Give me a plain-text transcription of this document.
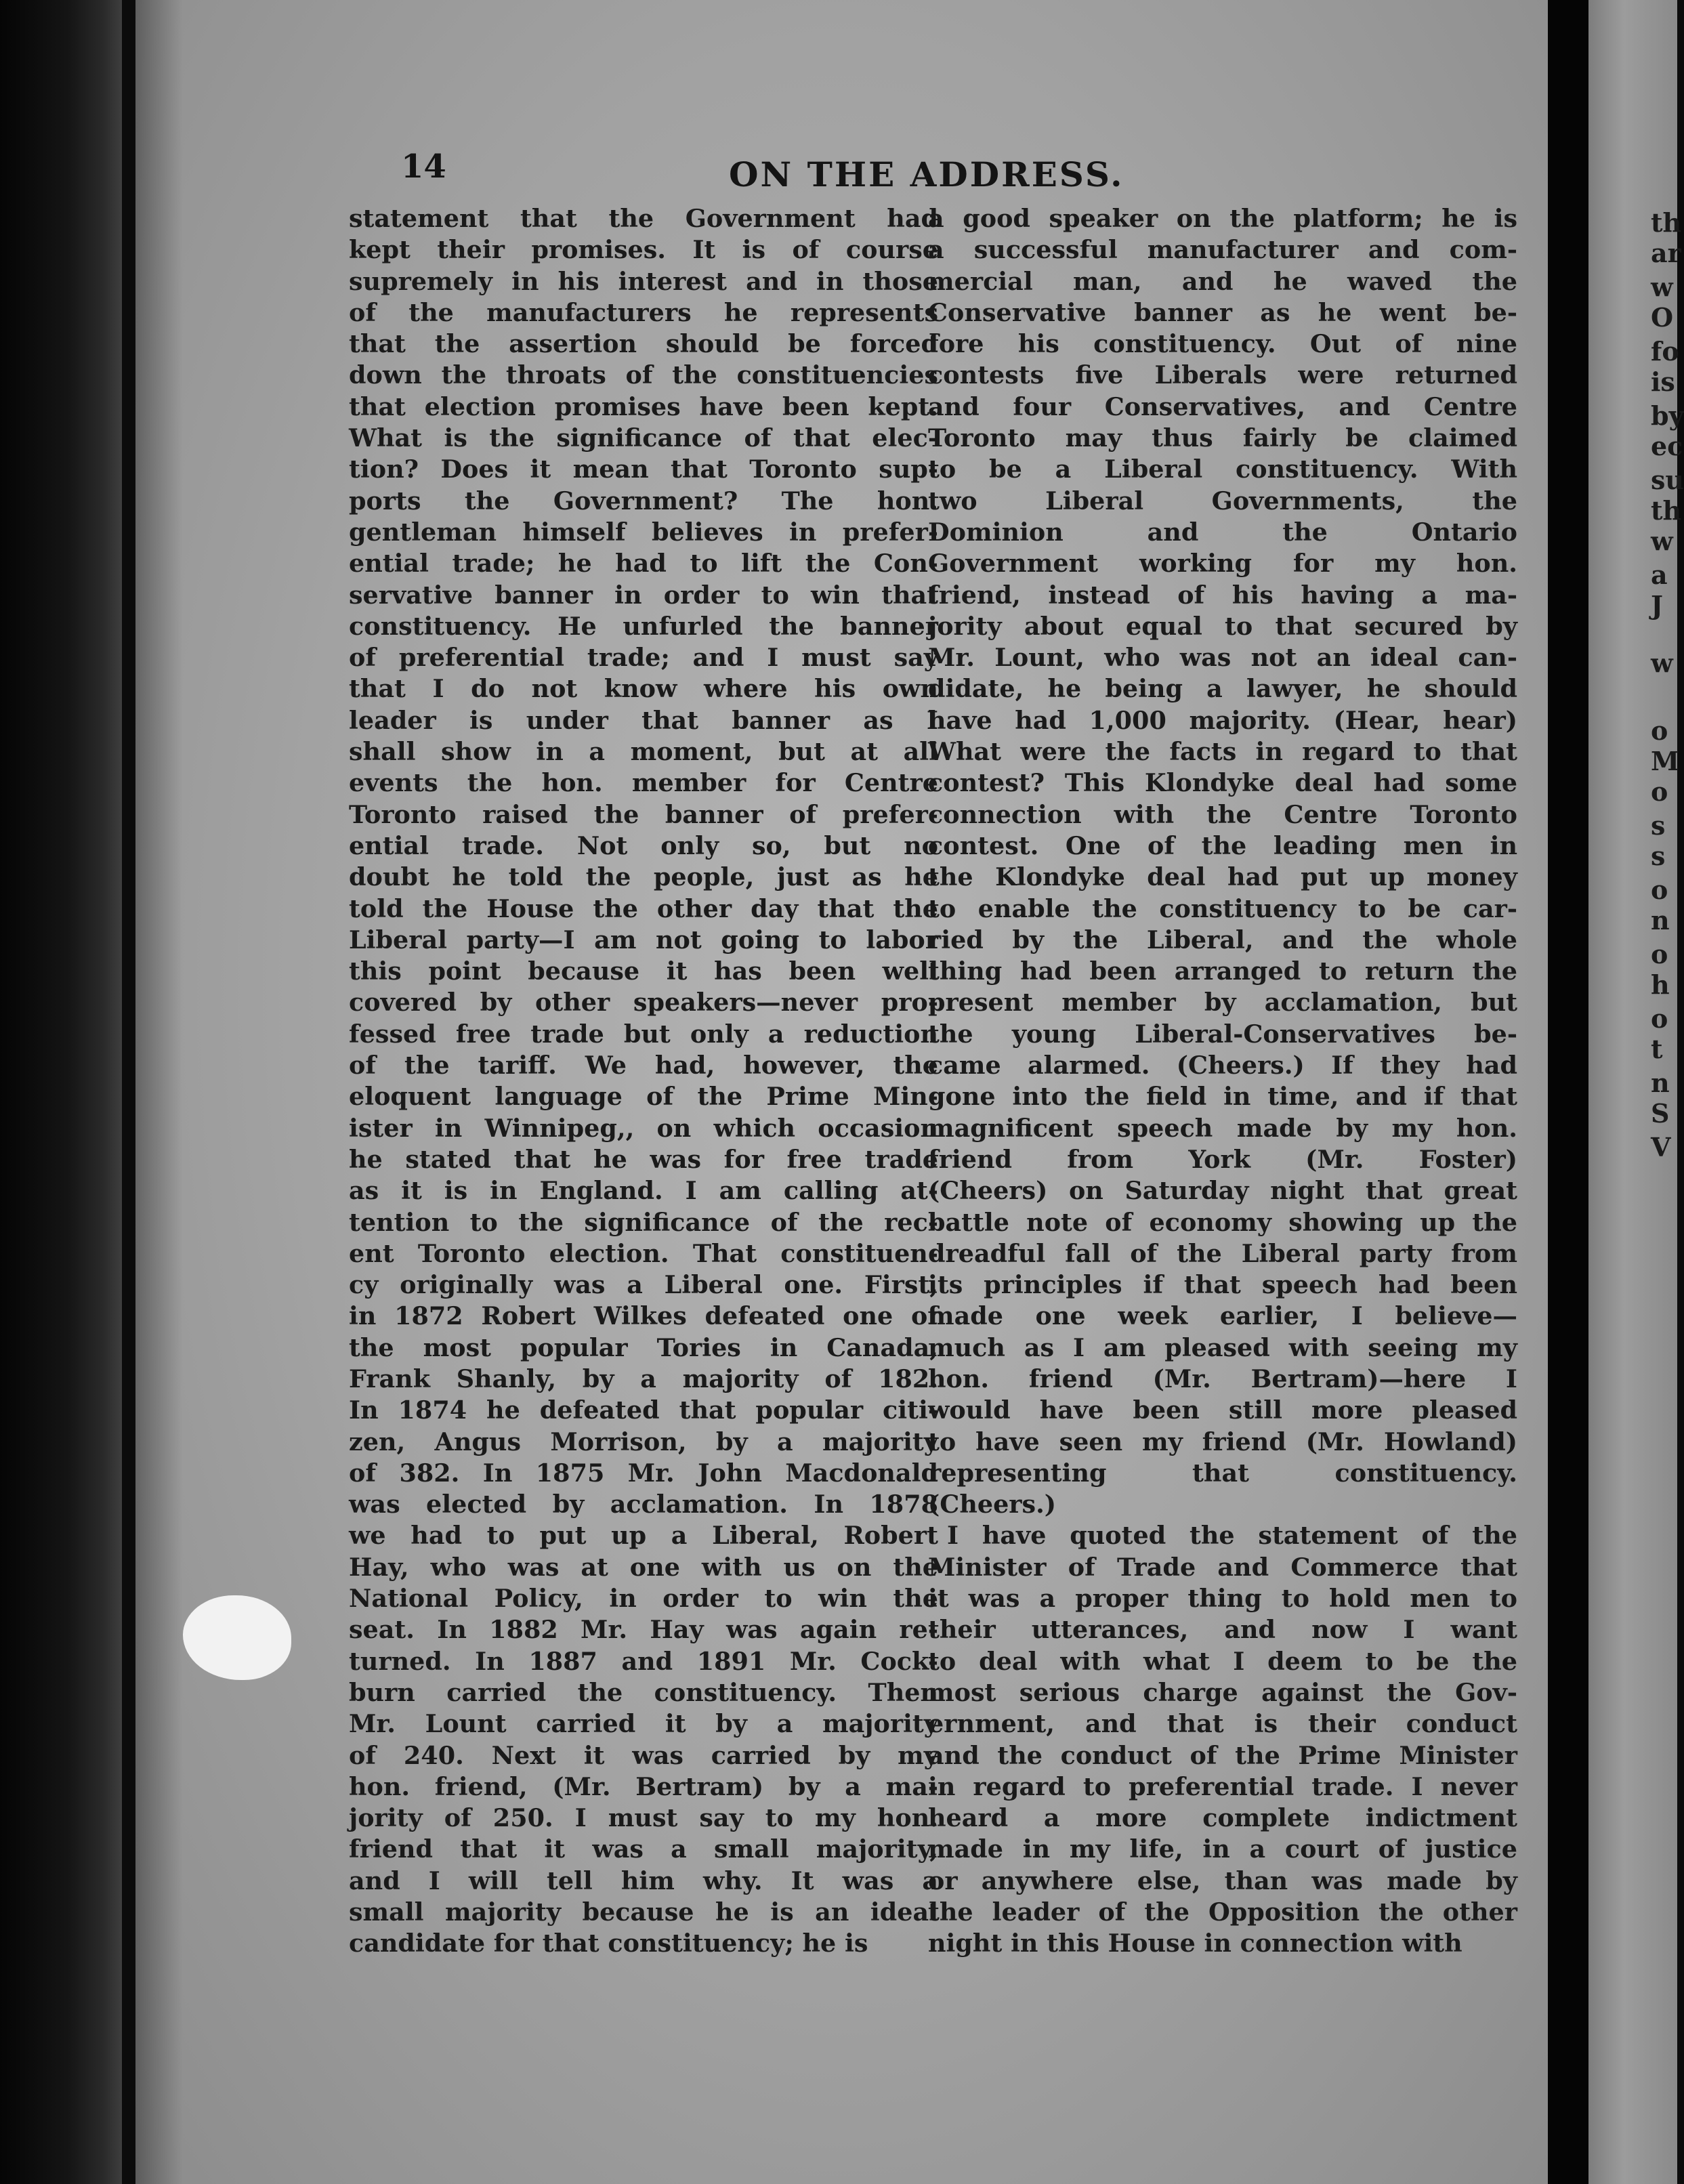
14	ON THE ADDRESS.
statement that the Government had
kept their promises. It is of course
supremely in his interest and in those
of the manufacturers he represents
that the assertion should be forced
down the throats of the constituencies
that election promises have been kept.
What is the significance of that elec-
tion? Does it mean that Toronto sup-
ports the Government? The hon.
gentleman himself believes in prefer-
ential trade; he had to lift the Con-
servative banner in order to win that
constituency. He unfurled the banner
of preferential trade; and I must say
that I do not know where his own
leader is under that banner as I
shall show in a moment, but at all
events the hon. member for Centre
Toronto raised the banner of prefer-
ential trade. Not only so, but no
doubt he told the people, just as he
told the House the other day that the
Liberal party—I am not going to labor
this point because it has been well
covered by other speakers—never pro-
fessed free trade but only a reduction
of the tariff. We had, however, the
eloquent language of the Prime Min-
ister in Winnipeg,, on which occasion
he stated that he was for free trade
as it is in England. I am calling at-
tention to the significance of the rec-
ent Toronto election. That constituen-
cy originally was a Liberal one. First,
in 1872 Robert Wilkes defeated one of
the most popular Tories in Canada,
Frank Shanly, by a majority of 182.
In 1874 he defeated that popular citi-
zen, Angus Morrison, by a majority
of 382. In 1875 Mr. John Macdonald
was elected by acclamation. In 1878
we had to put up a Liberal, Robert
Hay, who was at one with us on the
National Policy, in order to win the
seat. In 1882 Mr. Hay was again re-
turned. In 1887 and 1891 Mr. Cock-
burn carried the constituency. Then
Mr. Lount carried it by a majority
of 240. Next it was carried by my
hon. friend, (Mr. Bertram) by a ma-
jority of 250. I must say to my hon.
friend that it was a small majority,
and I will tell him why. It was a
small majority because he is an ideal
candidate for that constituency; he is
a good speaker on the platform; he is
a successful manufacturer and com-
mercial man, and he waved the
Conservative banner as he went be-
fore his constituency. Out of nine
contests five Liberals were returned
and four Conservatives, and Centre
Toronto may thus fairly be claimed
to be a Liberal constituency. With
two Liberal Governments, the
Dominion and the Ontario
Government working for my hon.
friend, instead of his having a ma-
jority about equal to that secured by
Mr. Lount, who was not an ideal can-
didate, he being a lawyer, he should
have had 1,000 majority. (Hear, hear)
What were the facts in regard to that
contest? This Klondyke deal had some
connection with the Centre Toronto
contest. One of the leading men in
the Klondyke deal had put up money
to enable the constituency to be car-
ried by the Liberal, and the whole
thing had been arranged to return the
present member by acclamation, but
the young Liberal-Conservatives be-
came alarmed. (Cheers.) If they had
gone into the field in time, and if that
magnificent speech made by my hon.
friend from York (Mr. Foster)
(Cheers) on Saturday night that great
battle note of economy showing up the
dreadful fall of the Liberal party from
its principles if that speech had been
made one week earlier, I believe—
much as I am pleased with seeing my
hon. friend (Mr. Bertram)—here I
would have been still more pleased
to have seen my friend (Mr. Howland)
representing that constituency.
(Cheers.)
I have quoted the statement of the
Minister of Trade and Commerce that
it was a proper thing to hold men to
their utterances, and now I want
to deal with what I deem to be the
most serious charge against the Gov-
ernment, and that is their conduct
and the conduct of the Prime Minister
in regard to preferential trade. I never
heard a more complete indictment
made in my life, in a court of justice
or anywhere else, than was made by
the leader of the Opposition the other
night in this House in connection with
th
ar
w
O
fo
is
by
ec
su
th
w
a
J
w
o
M
o
s
s
o
n
o
h
o
t
n
S
V
